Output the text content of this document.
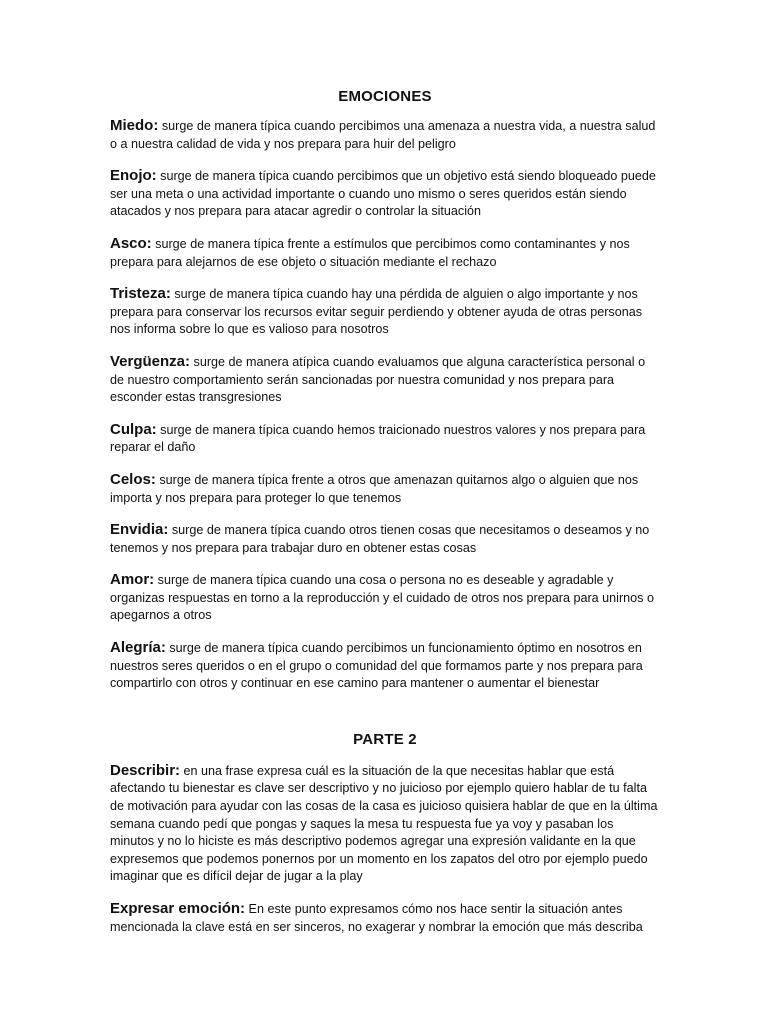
EMOCIONES

Miedo: surge de manera típica cuando percibimos una amenaza a nuestra vida, a nuestra salud o a nuestra calidad de vida y nos prepara para huir del peligro

Enojo: surge de manera típica cuando percibimos que un objetivo está siendo bloqueado puede ser una meta o una actividad importante o cuando uno mismo o seres queridos están siendo atacados y nos prepara para atacar agredir o controlar la situación

Asco: surge de manera típica frente a estímulos que percibimos como contaminantes y nos prepara para alejarnos de ese objeto o situación mediante el rechazo

Tristeza: surge de manera típica cuando hay una pérdida de alguien o algo importante y nos prepara para conservar los recursos evitar seguir perdiendo y obtener ayuda de otras personas nos informa sobre lo que es valioso para nosotros

Vergüenza: surge de manera atípica cuando evaluamos que alguna característica personal o de nuestro comportamiento serán sancionadas por nuestra comunidad y nos prepara para esconder estas transgresiones

Culpa: surge de manera típica cuando hemos traicionado nuestros valores y nos prepara para reparar el daño

Celos: surge de manera típica frente a otros que amenazan quitarnos algo o alguien que nos importa y nos prepara para proteger lo que tenemos

Envidia: surge de manera típica cuando otros tienen cosas que necesitamos o deseamos y no tenemos y nos prepara para trabajar duro en obtener estas cosas

Amor: surge de manera típica cuando una cosa o persona no es deseable y agradable y organizas respuestas en torno a la reproducción y el cuidado de otros nos prepara para unirnos o apegarnos a otros

Alegría: surge de manera típica cuando percibimos un funcionamiento óptimo en nosotros en nuestros seres queridos o en el grupo o comunidad del que formamos parte y nos prepara para compartirlo con otros y continuar en ese camino para mantener o aumentar el bienestar

PARTE 2

Describir: en una frase expresa cuál es la situación de la que necesitas hablar que está afectando tu bienestar es clave ser descriptivo y no juicioso por ejemplo quiero hablar de tu falta de motivación para ayudar con las cosas de la casa es juicioso quisiera hablar de que en la última semana cuando pedí que pongas y saques la mesa tu respuesta fue ya voy y pasaban los minutos y no lo hiciste es más descriptivo podemos agregar una expresión validante en la que expresemos que podemos ponernos por un momento en los zapatos del otro por ejemplo puedo imaginar que es difícil dejar de jugar a la play

Expresar emoción: En este punto expresamos cómo nos hace sentir la situación antes mencionada la clave está en ser sinceros, no exagerar y nombrar la emoción que más describa
